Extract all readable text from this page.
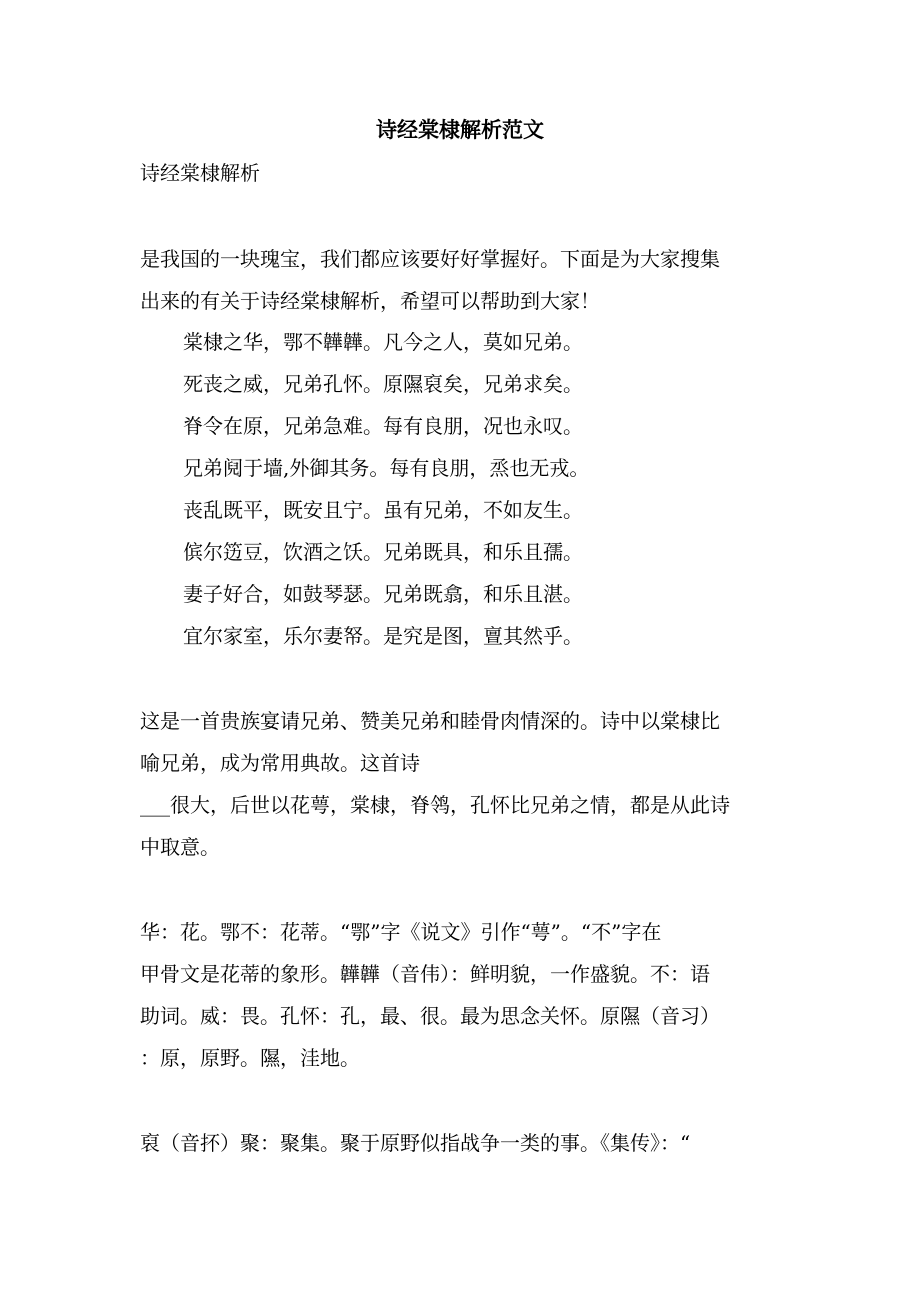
诗经棠棣解析范文
诗经棠棣解析
是我国的一块瑰宝，我们都应该要好好掌握好。下面是为大家搜集
出来的有关于诗经棠棣解析，希望可以帮助到大家！
棠棣之华，鄂不韡韡。凡今之人，莫如兄弟。
死丧之威，兄弟孔怀。原隰裒矣，兄弟求矣。
脊令在原，兄弟急难。每有良朋，况也永叹。
兄弟阋于墙,外御其务。每有良朋，烝也无戎。
丧乱既平，既安且宁。虽有兄弟，不如友生。
傧尔笾豆，饮酒之饫。兄弟既具，和乐且孺。
妻子好合，如鼓琴瑟。兄弟既翕，和乐且湛。
宜尔家室，乐尔妻帑。是究是图，亶其然乎。
这是一首贵族宴请兄弟、赞美兄弟和睦骨肉情深的。诗中以棠棣比
喻兄弟，成为常用典故。这首诗
___很大，后世以花萼，棠棣，脊鸰，孔怀比兄弟之情，都是从此诗
中取意。
华：花。鄂不：花蒂。“鄂”字《说文》引作“萼”。“不”字在
甲骨文是花蒂的象形。韡韡（音伟）：鲜明貌，一作盛貌。不：语
助词。威：畏。孔怀：孔，最、很。最为思念关怀。原隰（音习）
：原，原野。隰，洼地。
裒（音抔）聚：聚集。聚于原野似指战争一类的事。《集传》：“
